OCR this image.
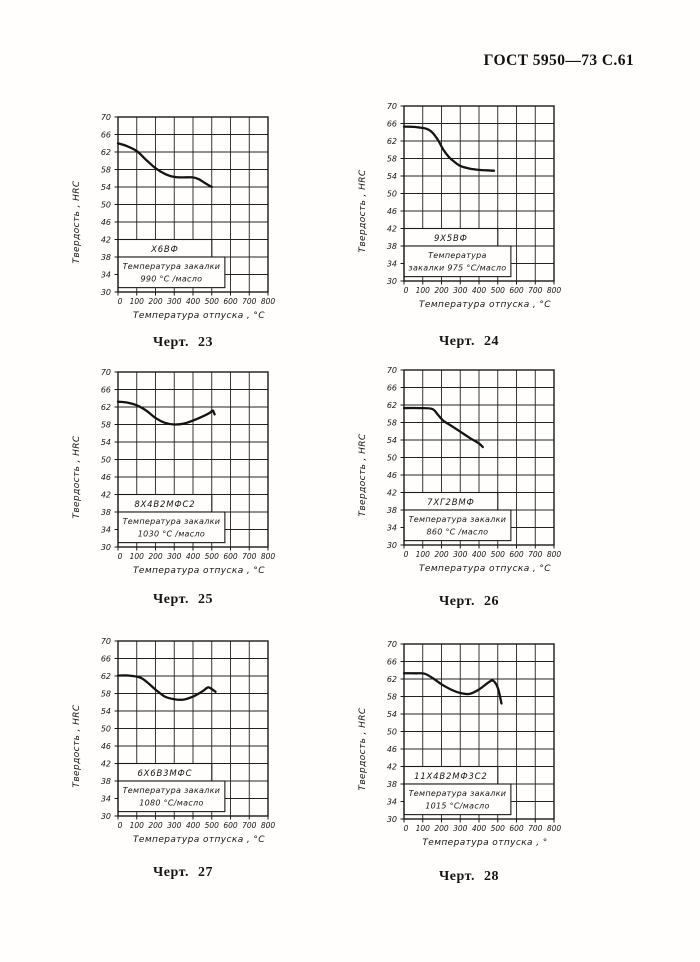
ГОСТ 5950—73 С.61
70
66
62
58
54
50
46
42
38
34
30
0 100 200 300 400 500 600 700 800
Твердость , HRC
Температура отпуска , °С
Х6ВФ
Температура закалки
990 °С /масло
Черт. 23
70
66
62
58
54
50
46
42
38
34
30
0 100 200 300 400 500 600 700 800
Твердость , HRC
Температура отпуска , °С
9Х5ВФ
Температура
закалки 975 °С/масло
Черт. 24
70
66
62
58
54
50
46
42
38
34
30
0 100 200 300 400 500 600 700 800
Твердость , HRC
Температура отпуска , °С
8Х4В2МФС2
Температура закалки
1030 °С /масло
Черт. 25
70
66
62
58
54
50
46
42
38
34
30
0 100 200 300 400 500 600 700 800
Твердость , HRC
Температура отпуска , °С
7ХГ2ВМФ
Температура закалки
860 °С /масло
Черт. 26
70
66
62
58
54
50
46
42
38
34
30
0 100 200 300 400 500 600 700 800
Твердость , HRC
Температура отпуска , °С
6Х6В3МФС
Температура закалки
1080 °С/масло
Черт. 27
70
66
62
58
54
50
46
42
38
34
30
0 100 200 300 400 500 600 700 800
Твердость , HRC
Температура отпуска , °
11Х4В2МФ3С2
Температура закалки
1015 °С/масло
Черт. 28
